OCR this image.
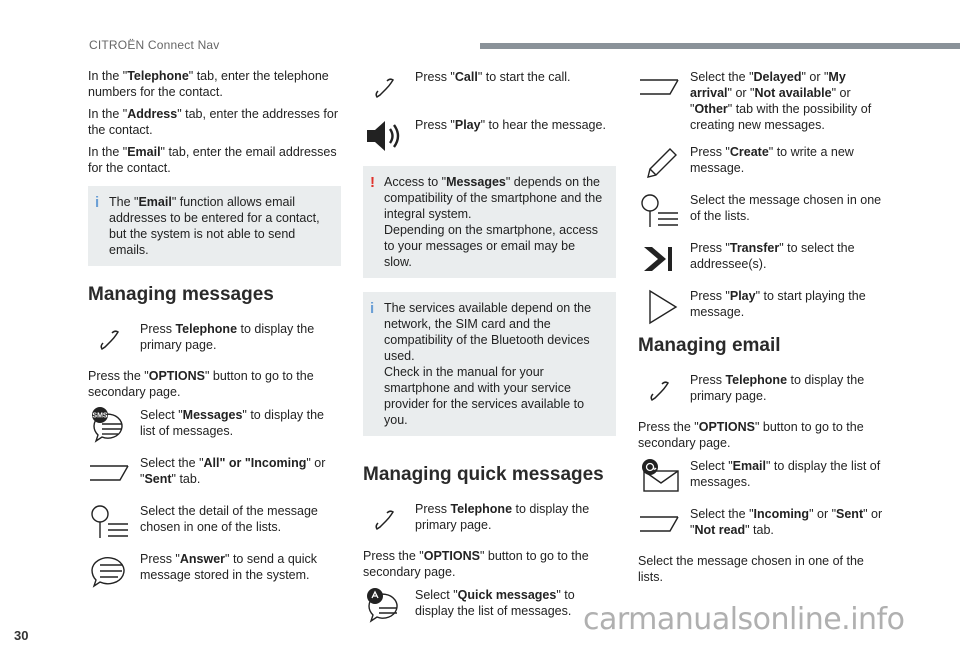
CITROËN Connect Nav

In the "Telephone" tab, enter the telephone numbers for the contact.

In the "Address" tab, enter the addresses for the contact.

In the "Email" tab, enter the email addresses for the contact.

i The "Email" function allows email addresses to be entered for a contact, but the system is not able to send emails.
Managing messages
Press Telephone to display the primary page.

Press the "OPTIONS" button to go to the secondary page.

SMS	Select "Messages" to display the list of messages.
Select the "All" or "Incoming" or "Sent" tab.
Select the detail of the message chosen in one of the lists.
Press "Answer" to send a quick message stored in the system.
Press "Call" to start the call.
Press "Play" to hear the message.
! Access to "Messages" depends on the compatibility of the smartphone and the integral system.
Depending on the smartphone, access to your messages or email may be slow.
i The services available depend on the network, the SIM card and the compatibility of the Bluetooth devices used.
Check in the manual for your smartphone and with your service provider for the services available to you.
Managing quick messages
Press Telephone to display the primary page.

Press the "OPTIONS" button to go to the secondary page.

Select "Quick messages" to display the list of messages.
Select the "Delayed" or "My arrival" or "Not available" or "Other" tab with the possibility of creating new messages.
Press "Create" to write a new message.
Select the message chosen in one of the lists.
Press "Transfer" to select the addressee(s).
Press "Play" to start playing the message.
Managing email
Press Telephone to display the primary page.

Press the "OPTIONS" button to go to the secondary page.

Select "Email" to display the list of messages.
Select the "Incoming" or "Sent" or "Not read" tab.

Select the message chosen in one of the lists.

30	carmanualsonline.info
